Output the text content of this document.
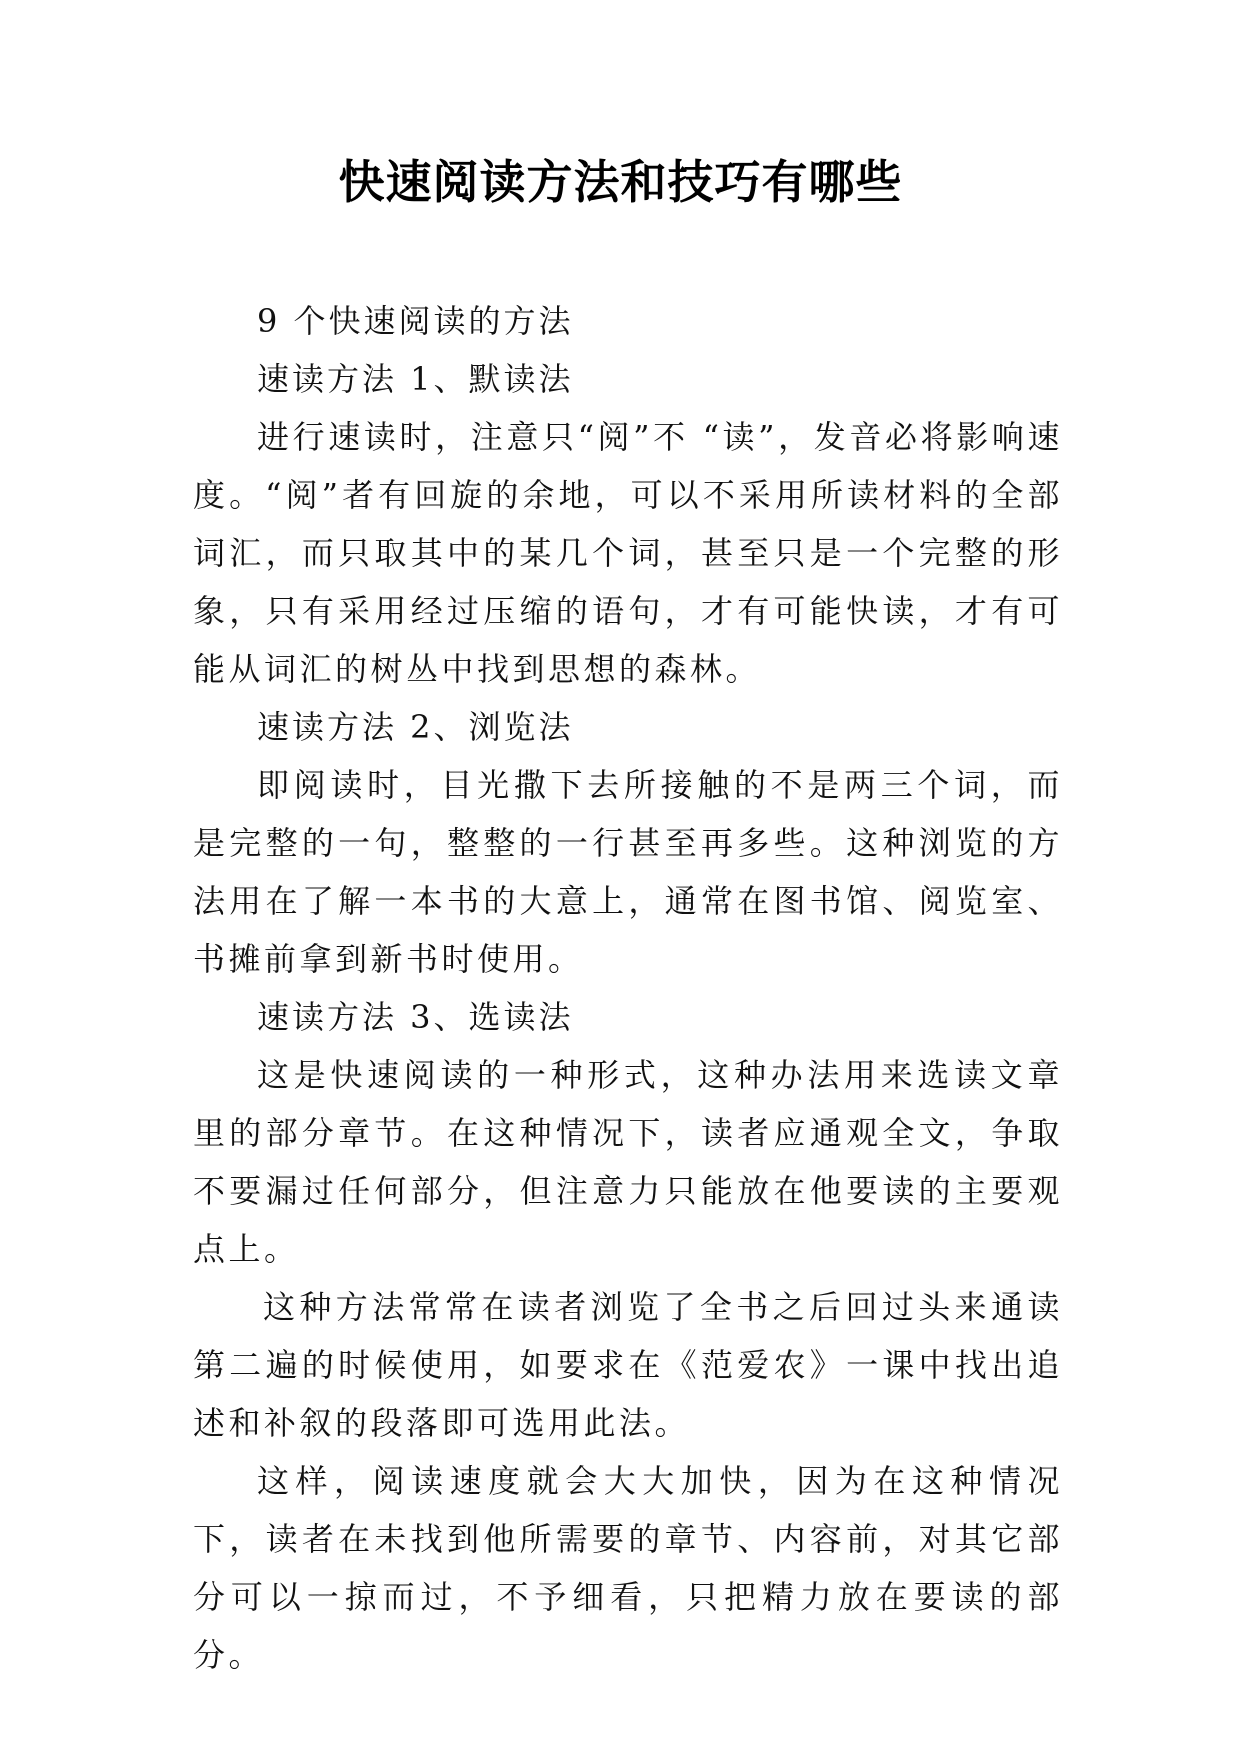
快速阅读方法和技巧有哪些

9 个快速阅读的方法

速读方法 1、默读法

进行速读时，注意只“阅”不 “读”，发音必将影响速度。“阅”者有回旋的余地，可以不采用所读材料的全部词汇，而只取其中的某几个词，甚至只是一个完整的形象，只有采用经过压缩的语句，才有可能快读，才有可能从词汇的树丛中找到思想的森林。

速读方法 2、浏览法

即阅读时，目光撒下去所接触的不是两三个词，而是完整的一句，整整的一行甚至再多些。这种浏览的方法用在了解一本书的大意上，通常在图书馆、阅览室、书摊前拿到新书时使用。

速读方法 3、选读法

这是快速阅读的一种形式，这种办法用来选读文章里的部分章节。在这种情况下，读者应通观全文，争取不要漏过任何部分，但注意力只能放在他要读的主要观点上。

这种方法常常在读者浏览了全书之后回过头来通读第二遍的时候使用，如要求在《范爱农》一课中找出追述和补叙的段落即可选用此法。

这样，阅读速度就会大大加快，因为在这种情况下，读者在未找到他所需要的章节、内容前，对其它部分可以一掠而过，不予细看，只把精力放在要读的部分。
